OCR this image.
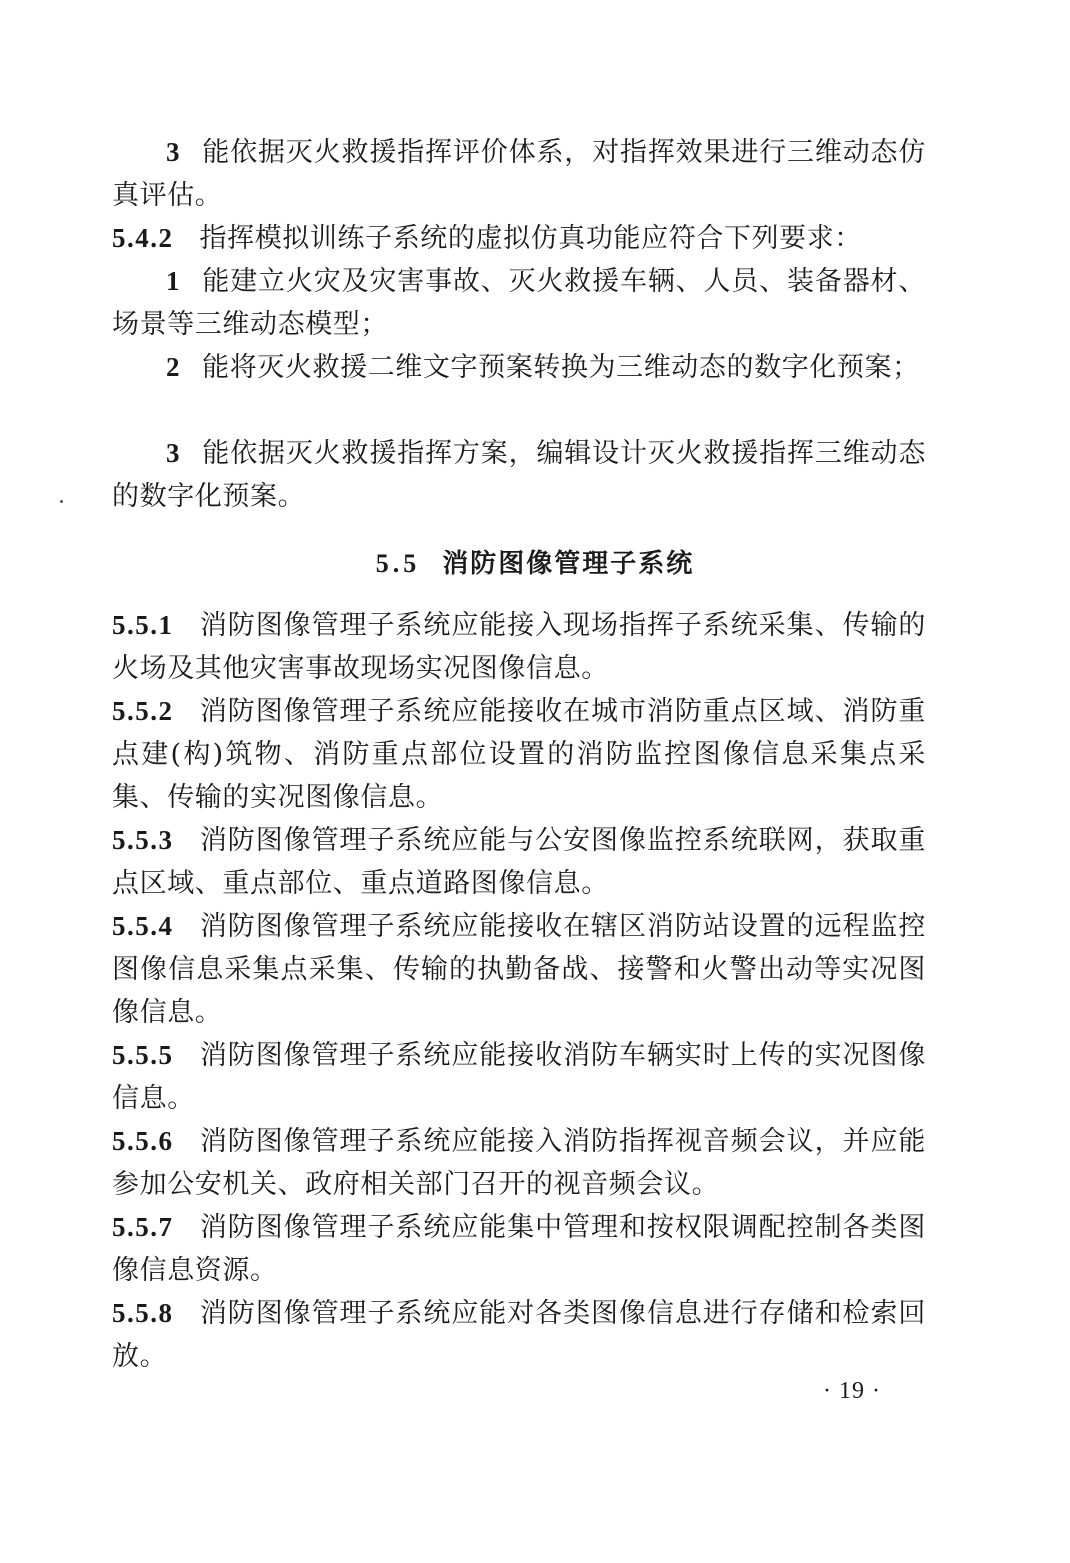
3 能依据灭火救援指挥评价体系，对指挥效果进行三维动态仿真评估。

5.4.2 指挥模拟训练子系统的虚拟仿真功能应符合下列要求：

1 能建立火灾及灾害事故、灭火救援车辆、人员、装备器材、场景等三维动态模型；

2 能将灭火救援二维文字预案转换为三维动态的数字化预案；

3 能依据灭火救援指挥方案，编辑设计灭火救援指挥三维动态的数字化预案。

5.5 消防图像管理子系统

5.5.1 消防图像管理子系统应能接入现场指挥子系统采集、传输的火场及其他灾害事故现场实况图像信息。

5.5.2 消防图像管理子系统应能接收在城市消防重点区域、消防重点建(构)筑物、消防重点部位设置的消防监控图像信息采集点采集、传输的实况图像信息。

5.5.3 消防图像管理子系统应能与公安图像监控系统联网，获取重点区域、重点部位、重点道路图像信息。

5.5.4 消防图像管理子系统应能接收在辖区消防站设置的远程监控图像信息采集点采集、传输的执勤备战、接警和火警出动等实况图像信息。

5.5.5 消防图像管理子系统应能接收消防车辆实时上传的实况图像信息。

5.5.6 消防图像管理子系统应能接入消防指挥视音频会议，并应能参加公安机关、政府相关部门召开的视音频会议。

5.5.7 消防图像管理子系统应能集中管理和按权限调配控制各类图像信息资源。

5.5.8 消防图像管理子系统应能对各类图像信息进行存储和检索回放。

· 19 ·
